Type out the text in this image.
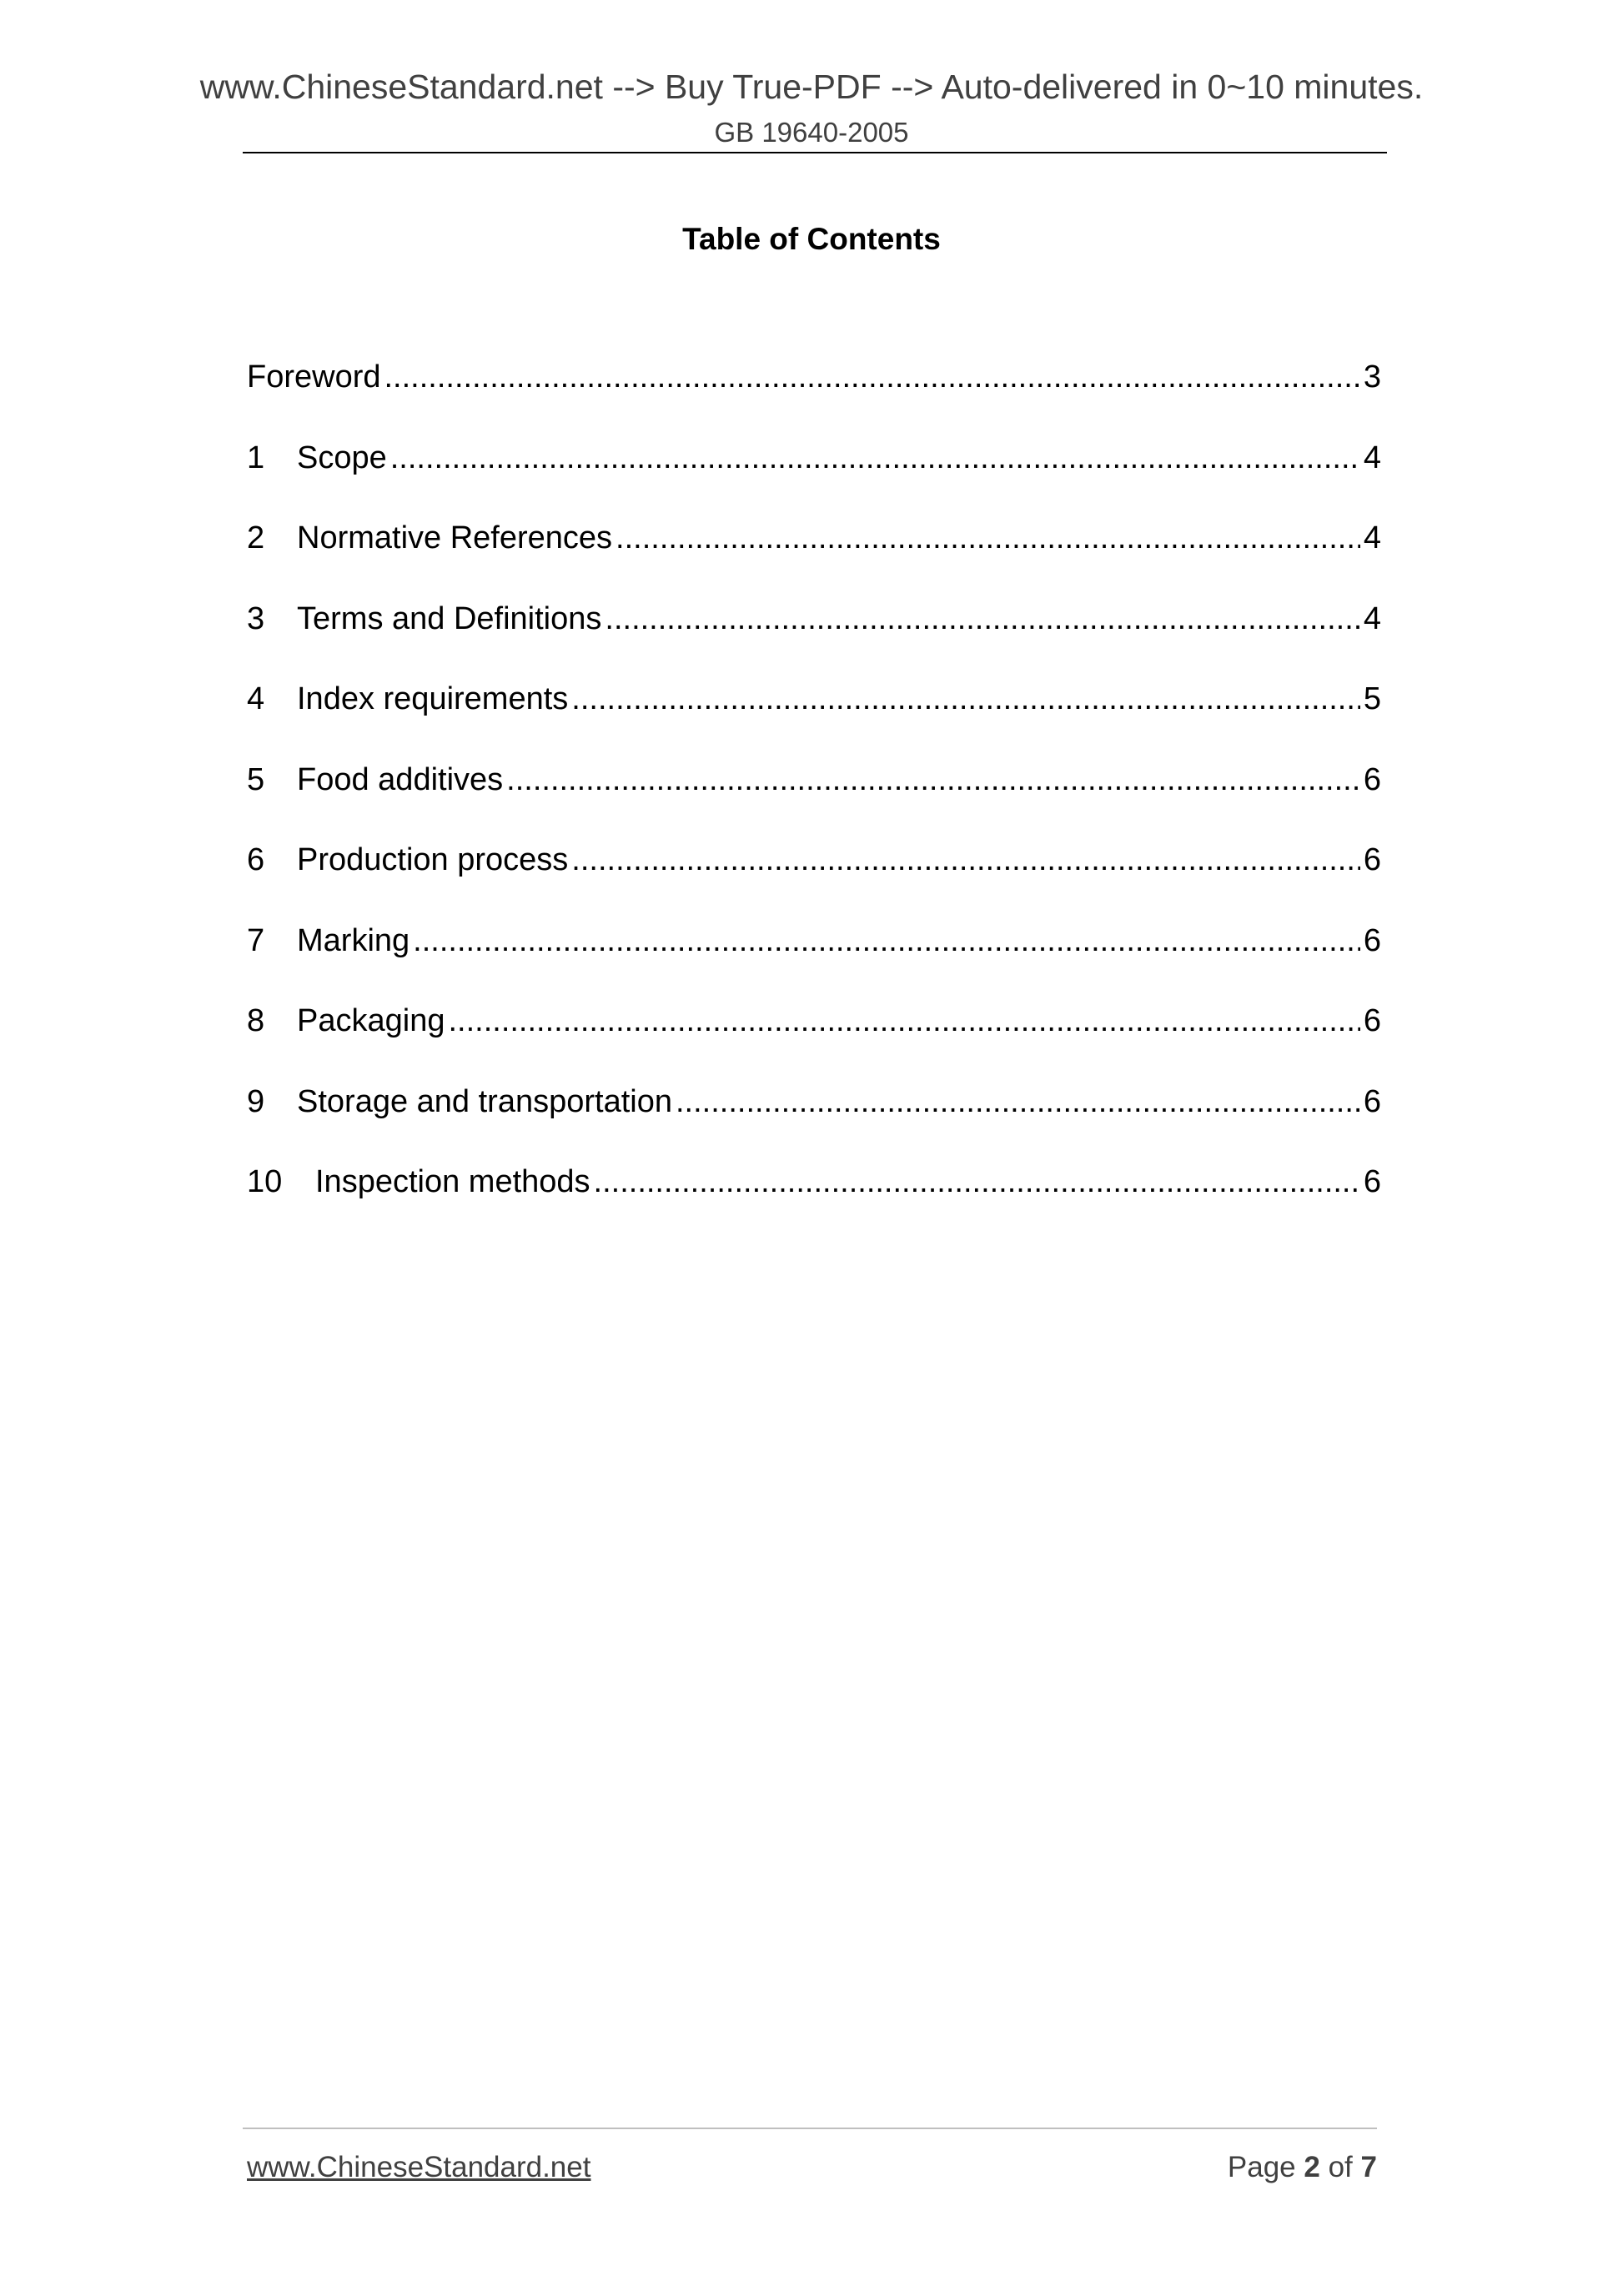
www.ChineseStandard.net --> Buy True-PDF --> Auto-delivered in 0~10 minutes.
GB 19640-2005
Table of Contents
Foreword .....	3
1	Scope .....	4
2	Normative References .....	4
3	Terms and Definitions .....	4
4	Index requirements .....	5
5	Food additives .....	6
6	Production process .....	6
7	Marking .....	6
8	Packaging .....	6
9	Storage and transportation .....	6
10	Inspection methods .....	6
www.ChineseStandard.net	Page 2 of 7
